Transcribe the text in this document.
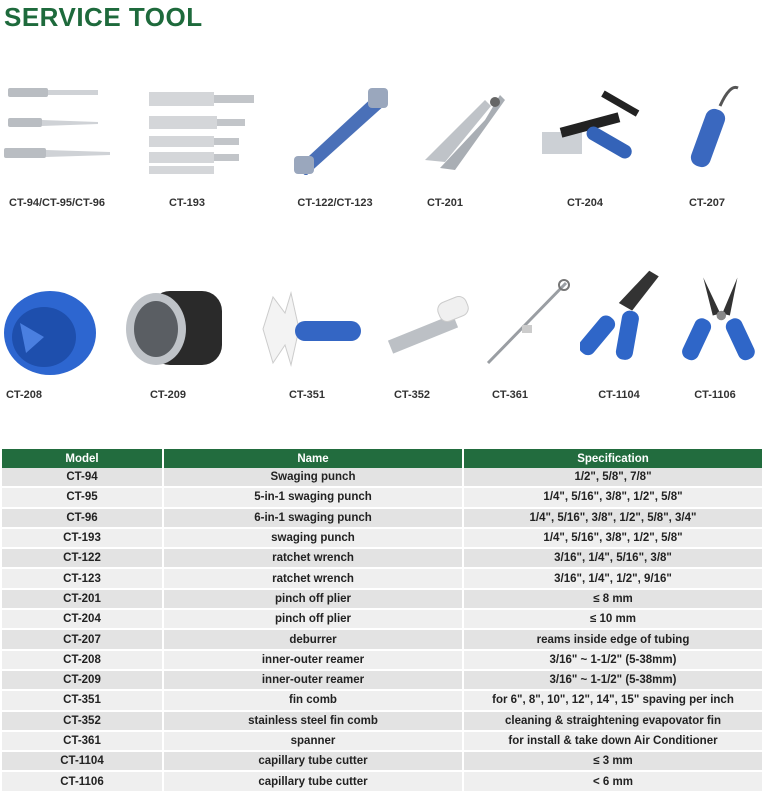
SERVICE TOOL
CT-94/CT-95/CT-96	CT-193	CT-122/CT-123	CT-201	CT-204	CT-207
CT-208	CT-209	CT-351	CT-352	CT-361	CT-1104	CT-1106
Model	Name	Specification
CT-94	Swaging punch	1/2", 5/8", 7/8"
CT-95	5-in-1 swaging punch	1/4", 5/16", 3/8", 1/2", 5/8"
CT-96	6-in-1 swaging punch	1/4", 5/16", 3/8", 1/2", 5/8", 3/4"
CT-193	swaging punch	1/4", 5/16", 3/8", 1/2", 5/8"
CT-122	ratchet wrench	3/16", 1/4", 5/16", 3/8"
CT-123	ratchet wrench	3/16", 1/4", 1/2", 9/16"
CT-201	pinch off plier	≤ 8 mm
CT-204	pinch off plier	≤ 10 mm
CT-207	deburrer	reams inside edge of tubing
CT-208	inner-outer reamer	3/16" ~ 1-1/2" (5-38mm)
CT-209	inner-outer reamer	3/16" ~ 1-1/2" (5-38mm)
CT-351	fin comb	for 6", 8", 10", 12", 14", 15" spaving per inch
CT-352	stainless steel fin comb	cleaning & straightening evapovator fin
CT-361	spanner	for install & take down Air Conditioner
CT-1104	capillary tube cutter	≤ 3 mm
CT-1106	capillary tube cutter	< 6 mm
